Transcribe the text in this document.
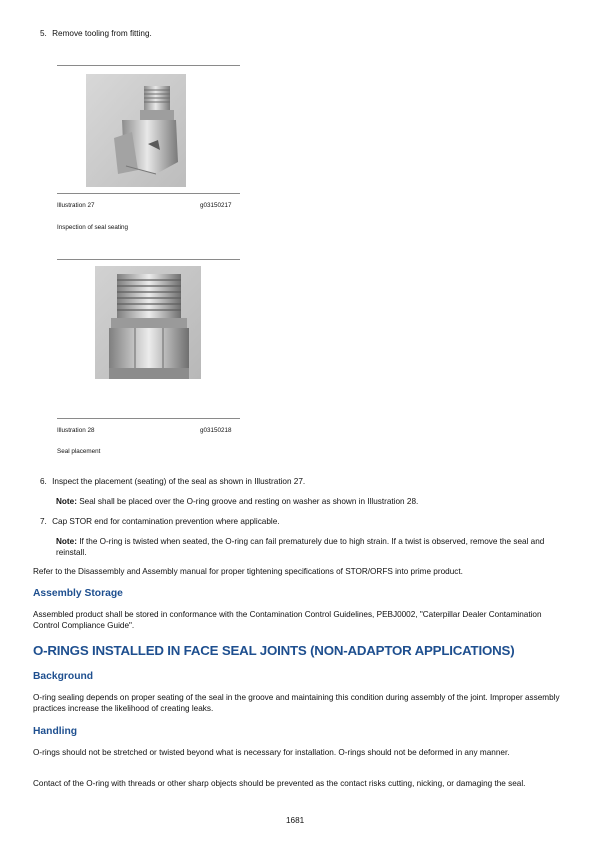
5. Remove tooling from fitting.
Illustration 27	g03150217
Inspection of seal seating
Illustration 28	g03150218
Seal placement
6. Inspect the placement (seating) of the seal as shown in Illustration 27.
Note: Seal shall be placed over the O-ring groove and resting on washer as shown in Illustration 28.
7. Cap STOR end for contamination prevention where applicable.
Note: If the O-ring is twisted when seated, the O-ring can fail prematurely due to high strain. If a twist is observed, remove the seal and reinstall.
Refer to the Disassembly and Assembly manual for proper tightening specifications of STOR/ORFS into prime product.
Assembly Storage
Assembled product shall be stored in conformance with the Contamination Control Guidelines, PEBJ0002, "Caterpillar Dealer Contamination Control Compliance Guide".
O-RINGS INSTALLED IN FACE SEAL JOINTS (NON-ADAPTOR APPLICATIONS)
Background
O-ring sealing depends on proper seating of the seal in the groove and maintaining this condition during assembly of the joint. Improper assembly practices increase the likelihood of creating leaks.
Handling
O-rings should not be stretched or twisted beyond what is necessary for installation. O-rings should not be deformed in any manner.
Contact of the O-ring with threads or other sharp objects should be prevented as the contact risks cutting, nicking, or damaging the seal.
1681
